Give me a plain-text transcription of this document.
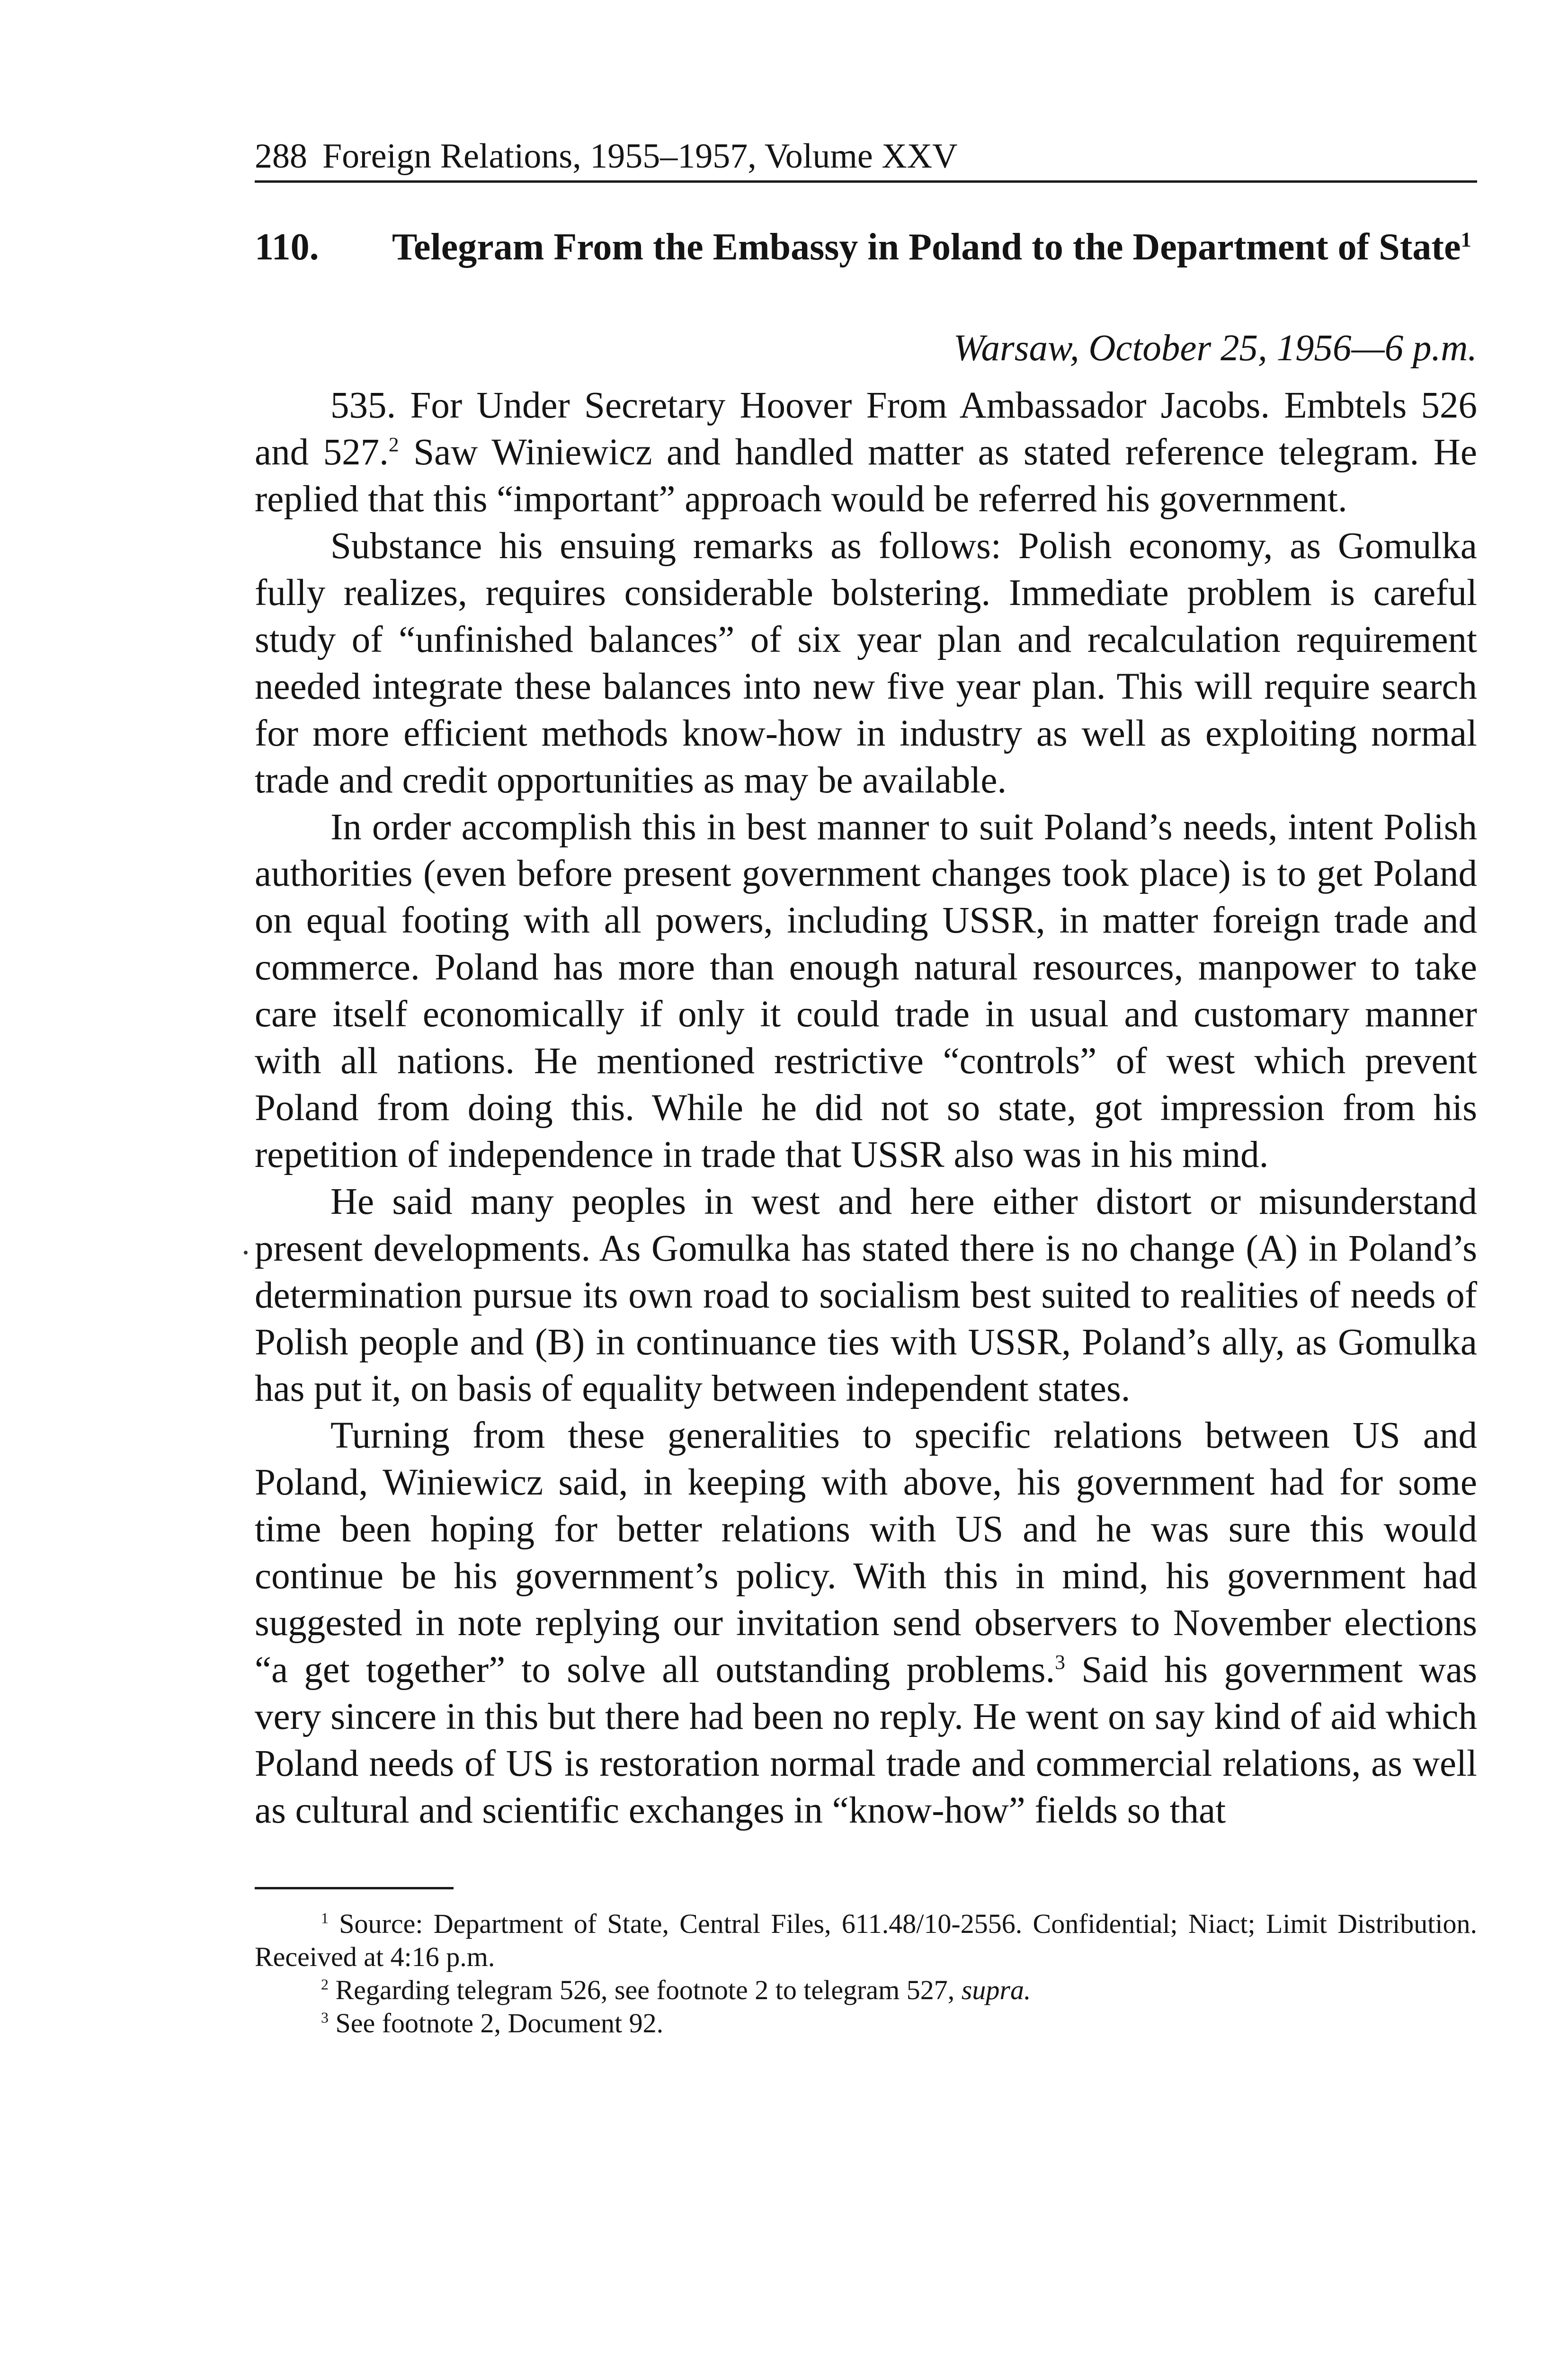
288 Foreign Relations, 1955–1957, Volume XXV
110.	Telegram From the Embassy in Poland to the Department of State$^1$
Warsaw, October 25, 1956—6 p.m.

535. For Under Secretary Hoover From Ambassador Jacobs. Embtels 526 and 527.$^2$ Saw Winiewicz and handled matter as stated reference telegram. He replied that this “important” approach would be referred his government.

Substance his ensuing remarks as follows: Polish economy, as Gomulka fully realizes, requires considerable bolstering. Immediate problem is careful study of “unfinished balances” of six year plan and recalculation requirement needed integrate these balances into new five year plan. This will require search for more efficient methods know-how in industry as well as exploiting normal trade and credit opportunities as may be available.

In order accomplish this in best manner to suit Poland’s needs, intent Polish authorities (even before present government changes took place) is to get Poland on equal footing with all powers, including USSR, in matter foreign trade and commerce. Poland has more than enough natural resources, manpower to take care itself economically if only it could trade in usual and customary manner with all nations. He mentioned restrictive “controls” of west which prevent Poland from doing this. While he did not so state, got impression from his repetition of independence in trade that USSR also was in his mind.

He said many peoples in west and here either distort or misunderstand present developments. As Gomulka has stated there is no change (A) in Poland’s determination pursue its own road to socialism best suited to realities of needs of Polish people and (B) in continuance ties with USSR, Poland’s ally, as Gomulka has put it, on basis of equality between independent states.

Turning from these generalities to specific relations between US and Poland, Winiewicz said, in keeping with above, his government had for some time been hoping for better relations with US and he was sure this would continue be his government’s policy. With this in mind, his government had suggested in note replying our invitation send observers to November elections “a get together” to solve all outstanding problems.$^3$ Said his government was very sincere in this but there had been no reply. He went on say kind of aid which Poland needs of US is restoration normal trade and commercial relations, as well as cultural and scientific exchanges in “know-how” fields so that

$^1$ Source: Department of State, Central Files, 611.48/10-2556. Confidential; Niact; Limit Distribution. Received at 4:16 p.m.

$^2$ Regarding telegram 526, see footnote 2 to telegram 527, supra.

$^3$ See footnote 2, Document 92.
